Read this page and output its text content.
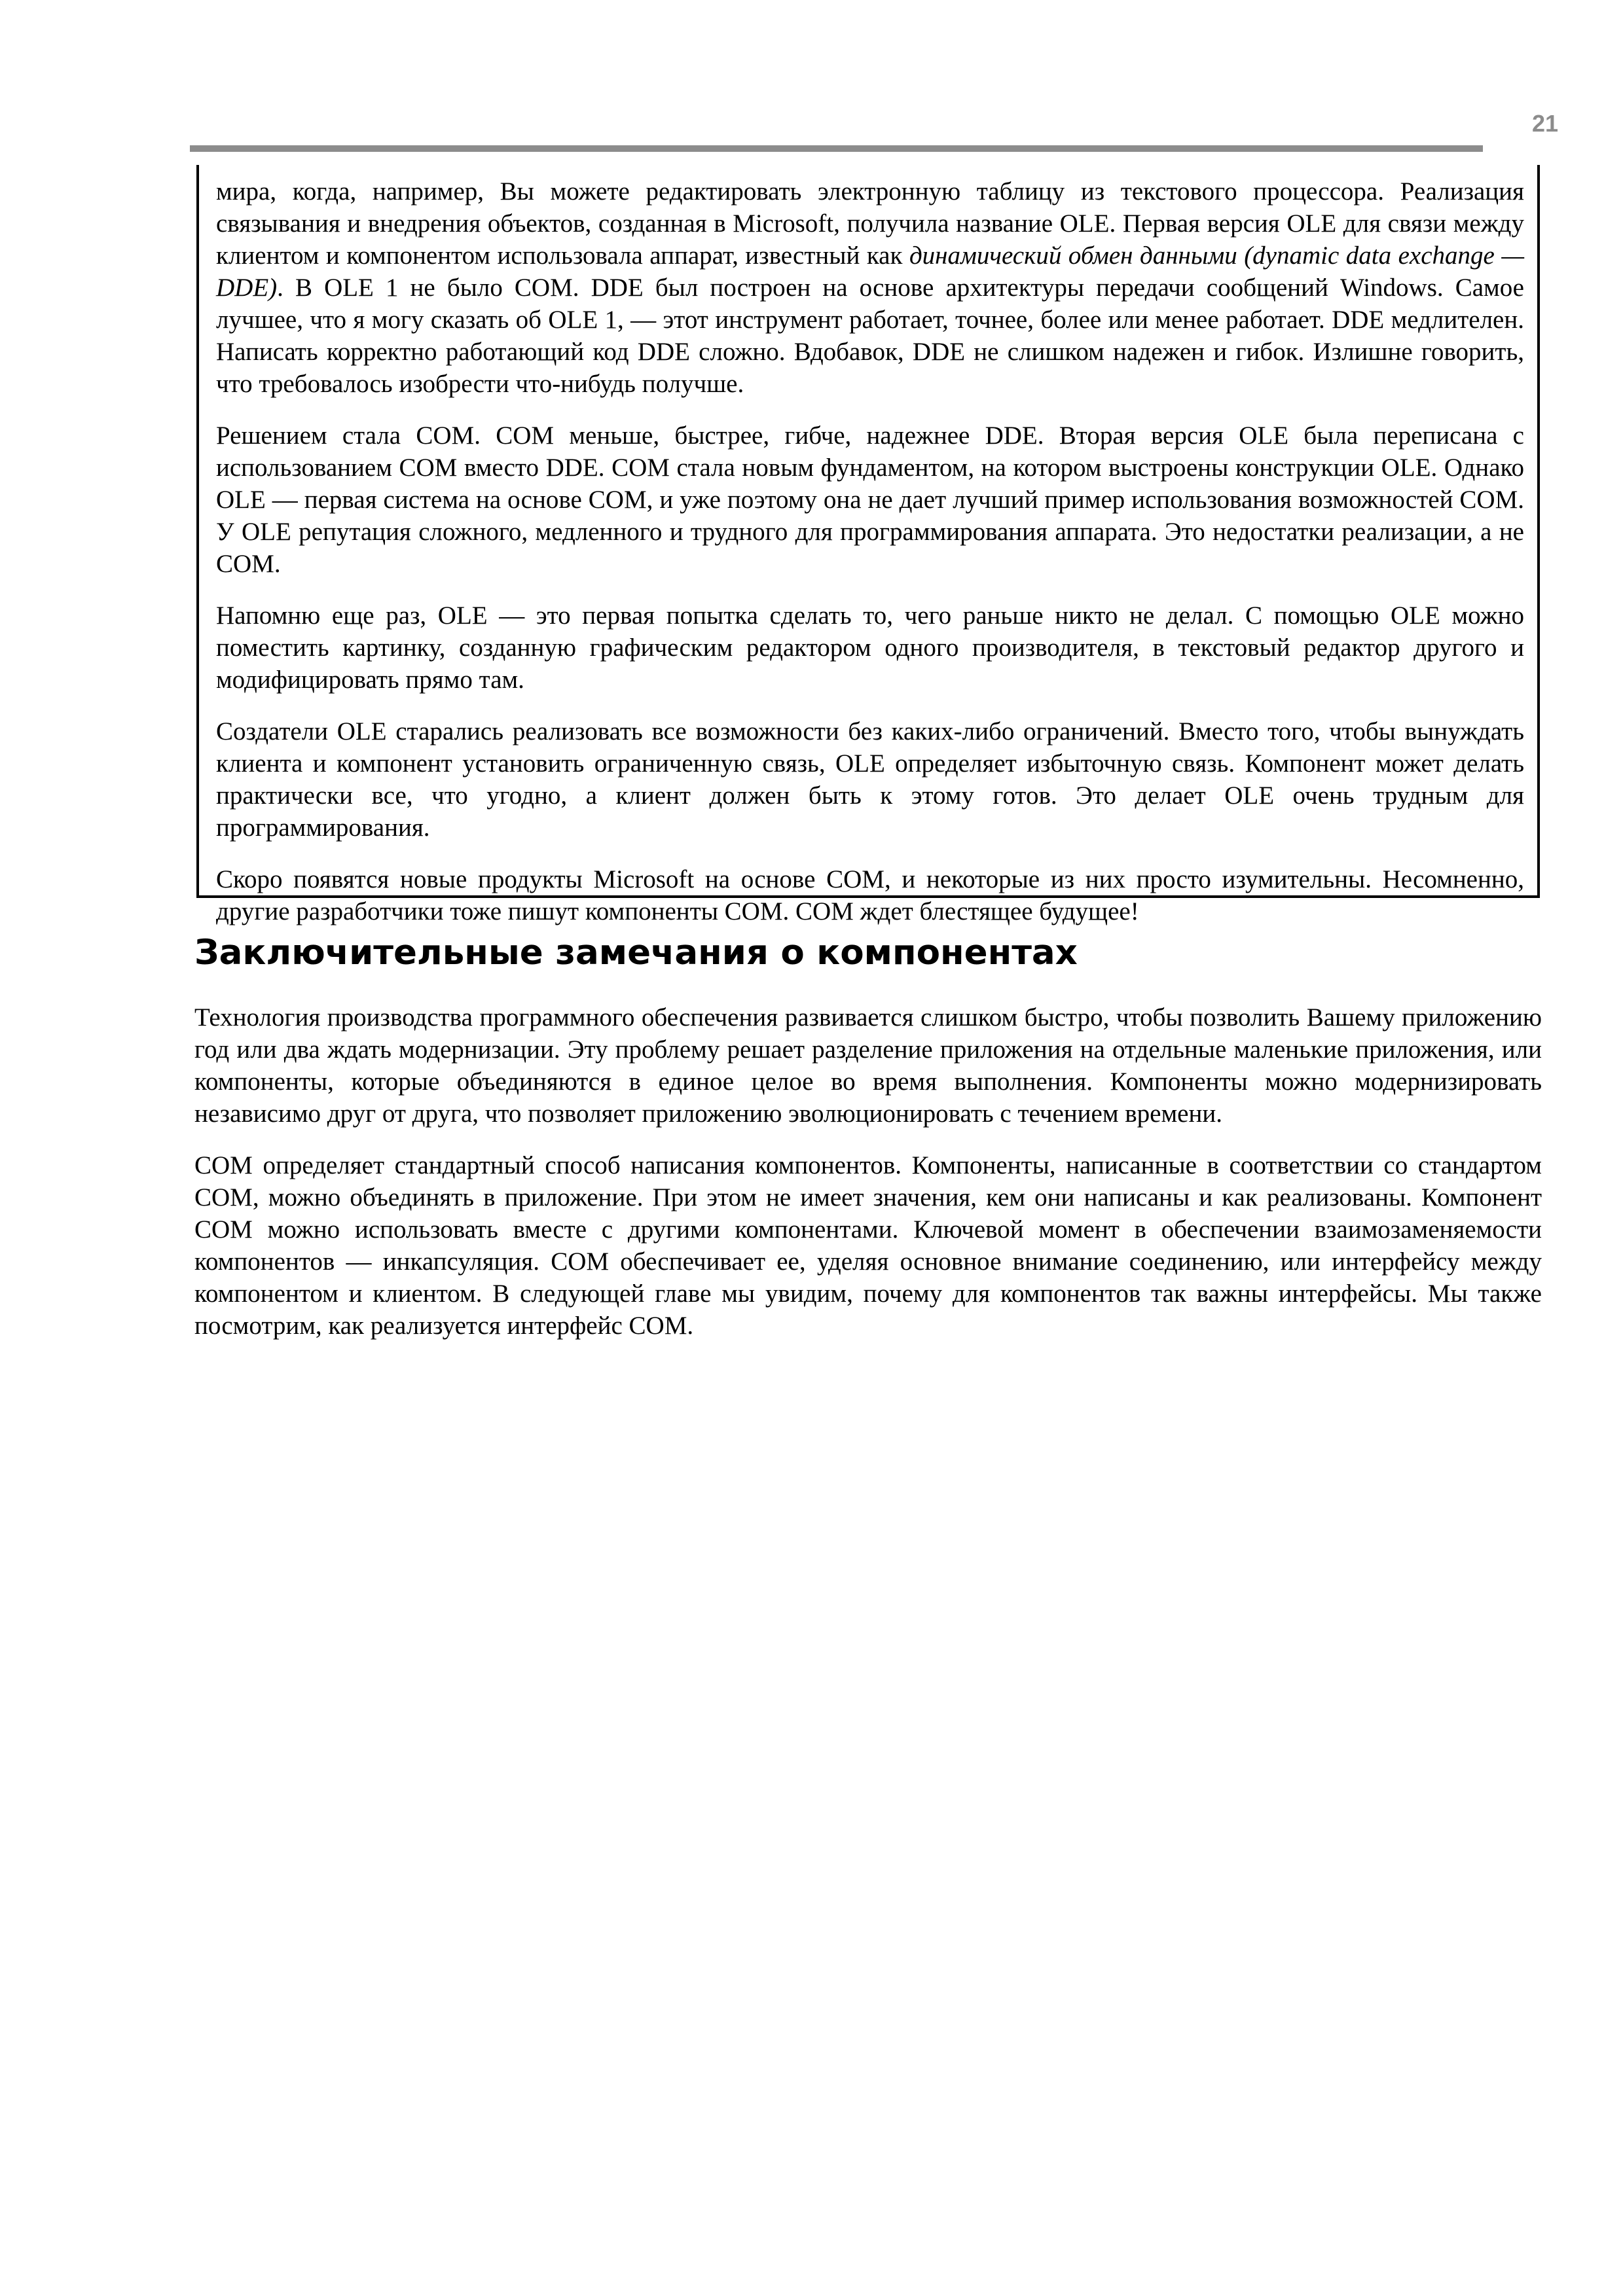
21

мира, когда, например, Вы можете редактировать электронную таблицу из текстового процессора. Реализация связывания и внедрения объектов, созданная в Microsoft, получила название OLE. Первая версия OLE для связи между клиентом и компонентом использовала аппарат, известный как динамический обмен данными (dynamic data exchange — DDE). В OLE 1 не было COM. DDE был построен на основе архитектуры передачи сообщений Windows. Самое лучшее, что я могу сказать об OLE 1, — этот инструмент работает, точнее, более или менее работает. DDE медлителен. Написать корректно работающий код DDE сложно. Вдобавок, DDE не слишком надежен и гибок. Излишне говорить, что требовалось изобрести что-нибудь получше.

Решением стала COM. COM меньше, быстрее, гибче, надежнее DDE. Вторая версия OLE была переписана с использованием COM вместо DDE. COM стала новым фундаментом, на котором выстроены конструкции OLE. Однако OLE — первая система на основе COM, и уже поэтому она не дает лучший пример использования возможностей COM. У OLE репутация сложного, медленного и трудного для программирования аппарата. Это недостатки реализации, а не COM.

Напомню еще раз, OLE — это первая попытка сделать то, чего раньше никто не делал. С помощью OLE можно поместить картинку, созданную графическим редактором одного производителя, в текстовый редактор другого и модифицировать прямо там.

Создатели OLE старались реализовать все возможности без каких-либо ограничений. Вместо того, чтобы вынуждать клиента и компонент установить ограниченную связь, OLE определяет избыточную связь. Компонент может делать практически все, что угодно, а клиент должен быть к этому готов. Это делает OLE очень трудным для программирования.

Скоро появятся новые продукты Microsoft на основе COM, и некоторые из них просто изумительны. Несомненно, другие разработчики тоже пишут компоненты COM. COM ждет блестящее будущее!

Заключительные замечания о компонентах

Технология производства программного обеспечения развивается слишком быстро, чтобы позволить Вашему приложению год или два ждать модернизации. Эту проблему решает разделение приложения на отдельные маленькие приложения, или компоненты, которые объединяются в единое целое во время выполнения. Компоненты можно модернизировать независимо друг от друга, что позволяет приложению эволюционировать с течением времени.

COM определяет стандартный способ написания компонентов. Компоненты, написанные в соответствии со стандартом COM, можно объединять в приложение. При этом не имеет значения, кем они написаны и как реализованы. Компонент COM можно использовать вместе с другими компонентами. Ключевой момент в обеспечении взаимозаменяемости компонентов — инкапсуляция. COM обеспечивает ее, уделяя основное внимание соединению, или интерфейсу между компонентом и клиентом. В следующей главе мы увидим, почему для компонентов так важны интерфейсы. Мы также посмотрим, как реализуется интерфейс COM.
